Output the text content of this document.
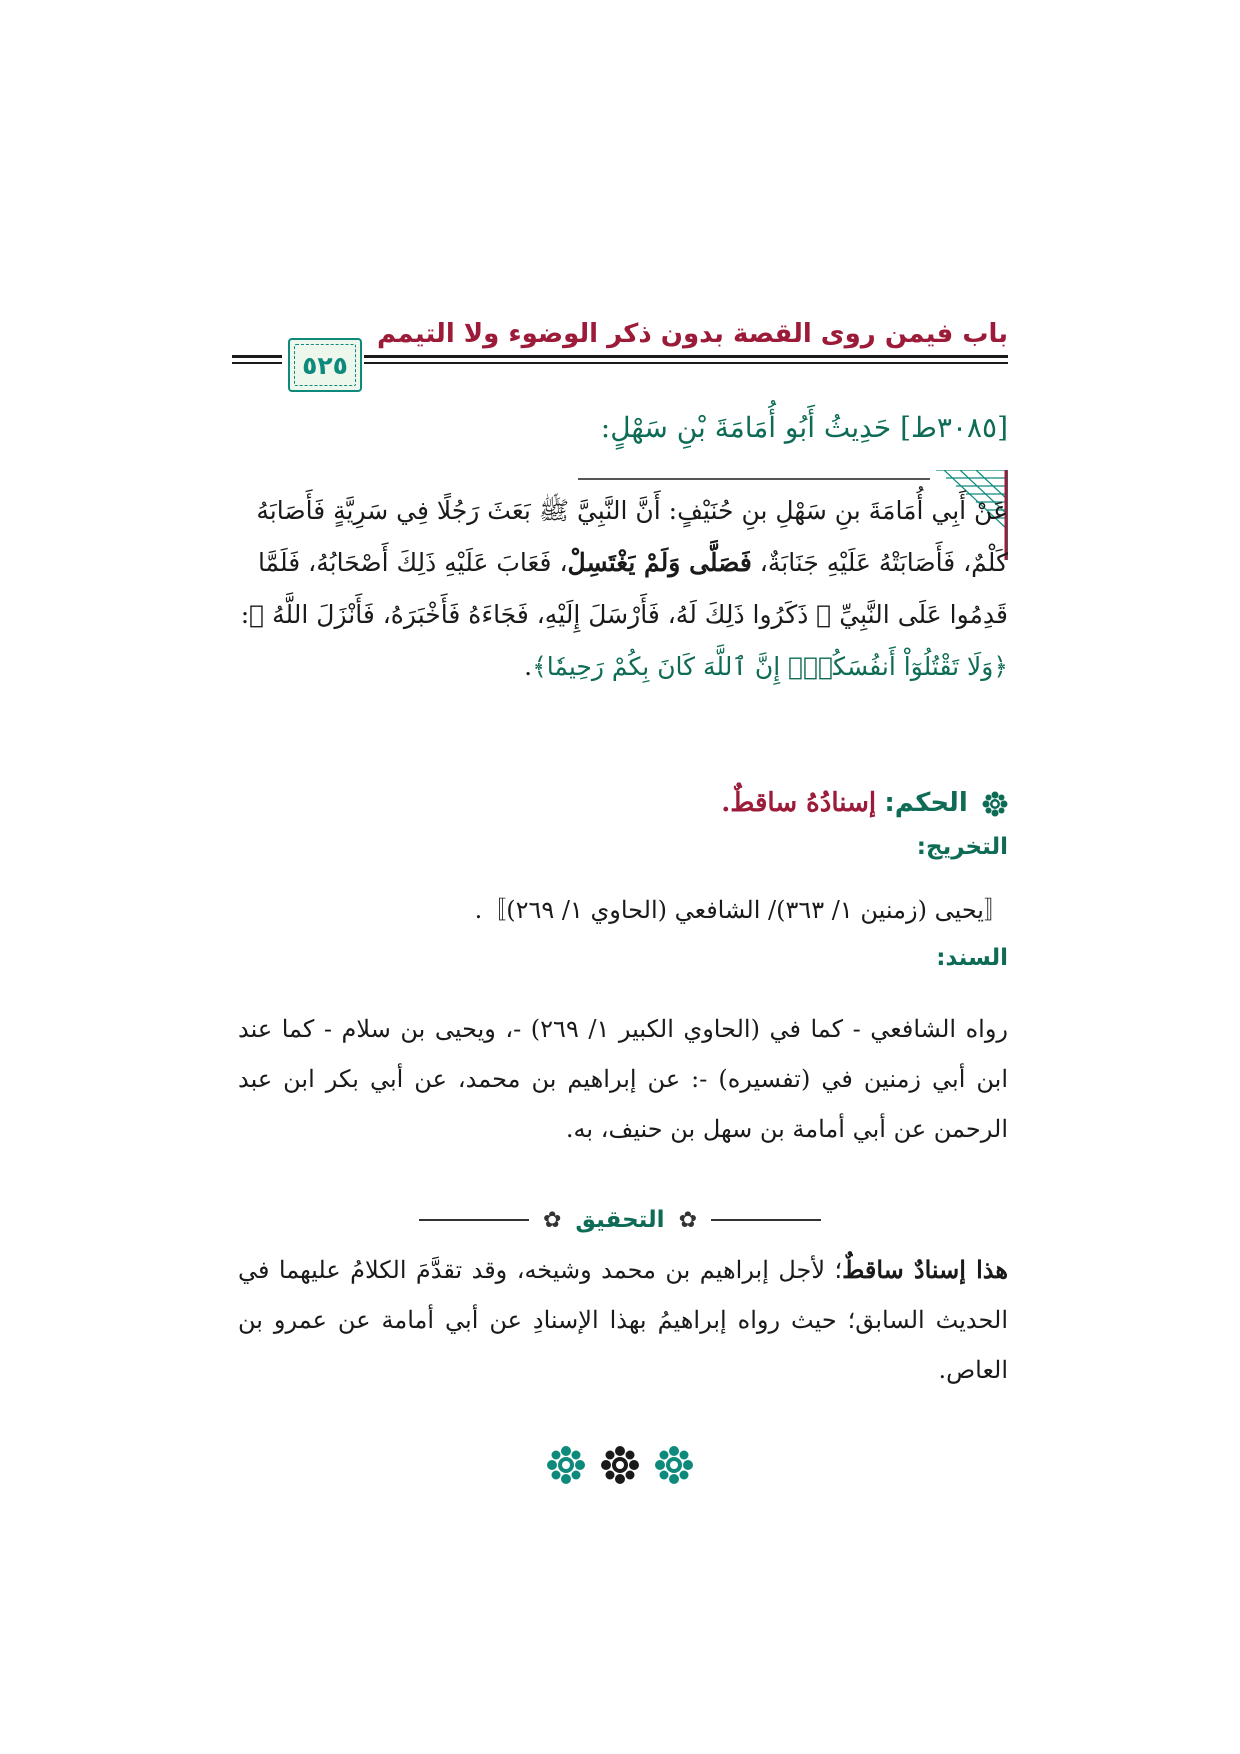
باب فيمن روى القصة بدون ذكر الوضوء ولا التيمم
٥٢٥
[٣٠٨٥ط] حَدِيثُ أَبُو أُمَامَةَ بْنِ سَهْلٍ:
عَنْ أَبِي أُمَامَةَ بنِ سَهْلِ بنِ حُنَيْفٍ: أَنَّ النَّبِيَّ ﷺ بَعَثَ رَجُلًا فِي سَرِيَّةٍ فَأَصَابَهُ كَلْمٌ، فَأَصَابَتْهُ عَلَيْهِ جَنَابَةٌ، فَصَلَّى وَلَمْ يَغْتَسِلْ، فَعَابَ عَلَيْهِ ذَلِكَ أَصْحَابُهُ، فَلَمَّا قَدِمُوا عَلَى النَّبِيِّ ﷺ ذَكَرُوا ذَلِكَ لَهُ، فَأَرْسَلَ إِلَيْهِ، فَجَاءَهُ فَأَخْبَرَهُ، فَأَنْزَلَ اللَّهُ ﷻ: ﴿وَلَا تَقْتُلُوٓاْ أَنفُسَكُمْۚ إِنَّ ٱللَّهَ كَانَ بِكُمْ رَحِيمٗا﴾.
الحكم: إسنادُهُ ساقطٌ.
التخريج:
〚يحيى (زمنين ١/ ٣٦٣)/ الشافعي (الحاوي ١/ ٢٦٩)〛.
السند:
رواه الشافعي - كما في (الحاوي الكبير ١/ ٢٦٩) -، ويحيى بن سلام - كما عند ابن أبي زمنين في (تفسيره) -: عن إبراهيم بن محمد، عن أبي بكر ابن عبد الرحمن عن أبي أمامة بن سهل بن حنيف، به.
✿ التحقيق ✿
هذا إسنادٌ ساقطٌ؛ لأجل إبراهيم بن محمد وشيخه، وقد تقدَّمَ الكلامُ عليهما في الحديث السابق؛ حيث رواه إبراهيمُ بهذا الإسنادِ عن أبي أمامة عن عمرو بن العاص.
